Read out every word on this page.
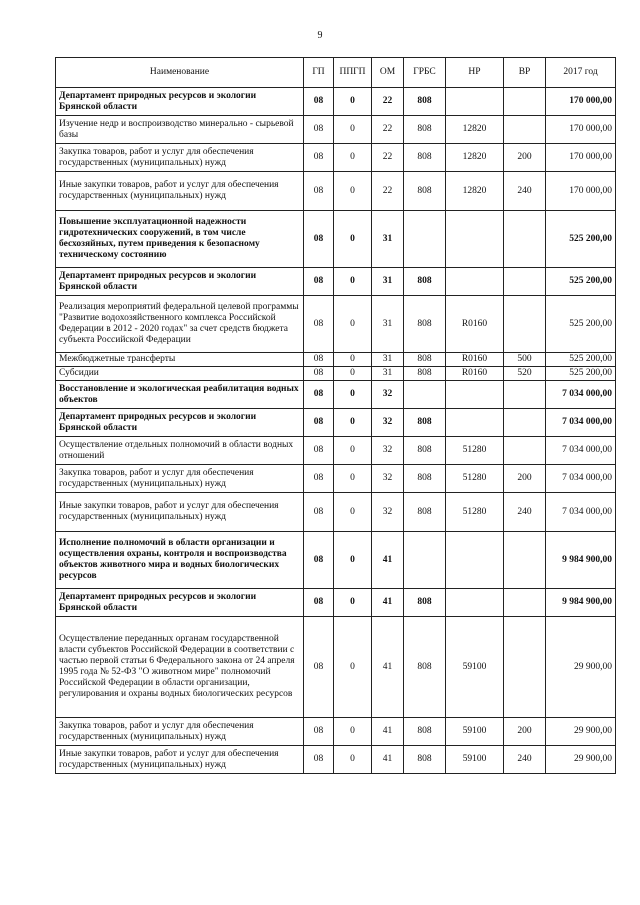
9
Наименование	ГП	ППГП	ОМ	ГРБС	НР	ВР	2017 год
Департамент природных ресурсов и экологии Брянской области	08	0	22	808			170 000,00
Изучение недр и воспроизводство минерально - сырьевой базы	08	0	22	808	12820		170 000,00
Закупка товаров, работ и услуг для обеспечения государственных (муниципальных) нужд	08	0	22	808	12820	200	170 000,00
Иные закупки товаров, работ и услуг для обеспечения государственных (муниципальных) нужд	08	0	22	808	12820	240	170 000,00
Повышение эксплуатационной надежности гидротехнических сооружений, в том числе бесхозяйных, путем приведения к безопасному техническому состоянию	08	0	31				525 200,00
Департамент природных ресурсов и экологии Брянской области	08	0	31	808			525 200,00
Реализация мероприятий федеральной целевой программы "Развитие водохозяйственного комплекса Российской Федерации в 2012 - 2020 годах" за счет средств бюджета субъекта Российской Федерации	08	0	31	808	R0160		525 200,00
Межбюджетные трансферты	08	0	31	808	R0160	500	525 200,00
Субсидии	08	0	31	808	R0160	520	525 200,00
Восстановление и экологическая реабилитация водных объектов	08	0	32				7 034 000,00
Департамент природных ресурсов и экологии Брянской области	08	0	32	808			7 034 000,00
Осуществление отдельных полномочий в области водных отношений	08	0	32	808	51280		7 034 000,00
Закупка товаров, работ и услуг для обеспечения государственных (муниципальных) нужд	08	0	32	808	51280	200	7 034 000,00
Иные закупки товаров, работ и услуг для обеспечения государственных (муниципальных) нужд	08	0	32	808	51280	240	7 034 000,00
Исполнение полномочий в области организации и осуществления охраны, контроля и воспроизводства объектов животного мира и водных биологических ресурсов	08	0	41				9 984 900,00
Департамент природных ресурсов и экологии Брянской области	08	0	41	808			9 984 900,00
Осуществление переданных органам государственной власти субъектов Российской Федерации в соответствии с частью первой статьи 6 Федерального закона от 24 апреля 1995 года № 52-ФЗ "О животном мире" полномочий Российской Федерации в области организации, регулирования и охраны водных биологических ресурсов	08	0	41	808	59100		29 900,00
Закупка товаров, работ и услуг для обеспечения государственных (муниципальных) нужд	08	0	41	808	59100	200	29 900,00
Иные закупки товаров, работ и услуг для обеспечения государственных (муниципальных) нужд	08	0	41	808	59100	240	29 900,00
